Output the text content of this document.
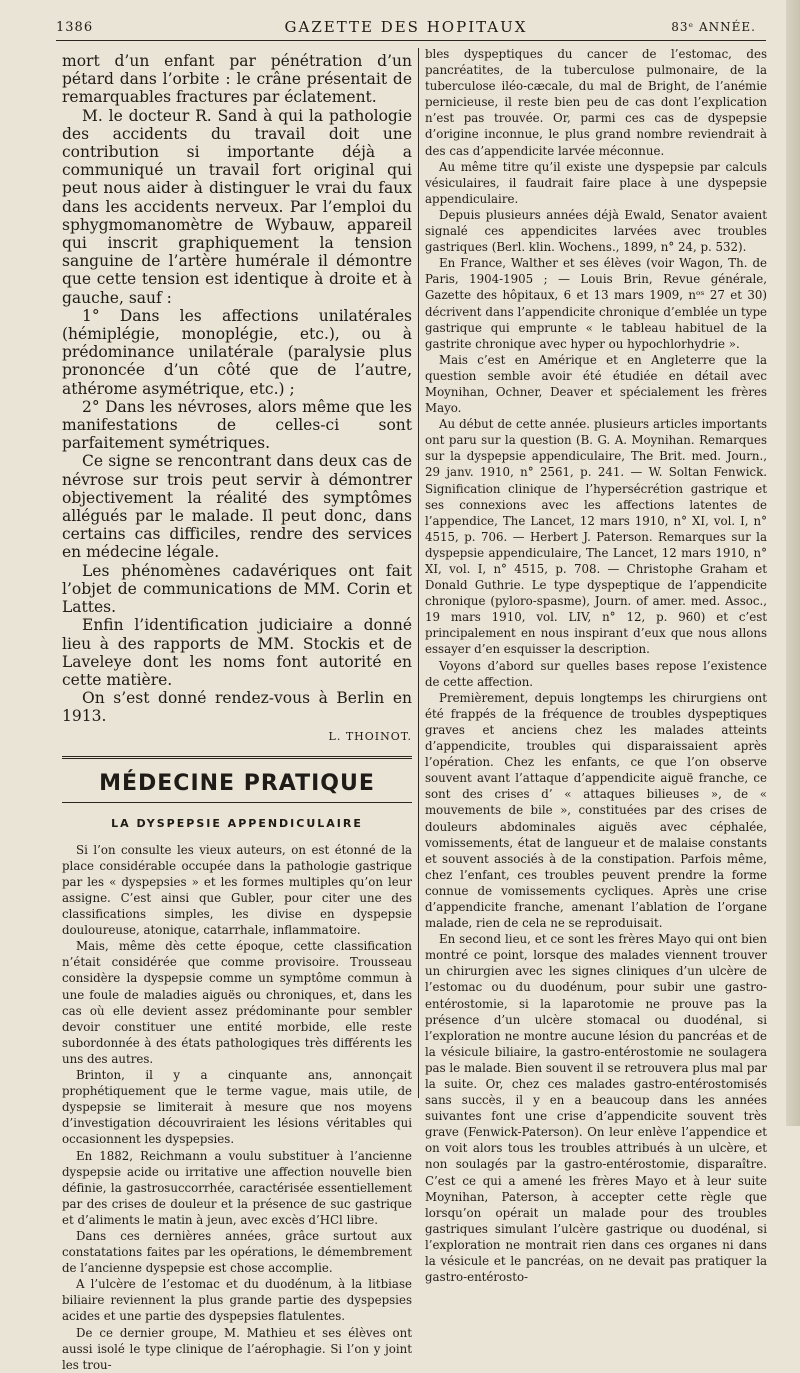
1386	GAZETTE DES HOPITAUX	83ᵉ ANNÉE.

mort d’un enfant par pénétration d’un pétard dans l’orbite : le crâne présentait de remarquables fractures par éclatement.

M. le docteur R. Sand à qui la pathologie des accidents du travail doit une contribution si importante déjà a communiqué un travail fort original qui peut nous aider à distinguer le vrai du faux dans les accidents nerveux. Par l’emploi du sphygmomanomètre de Wybauw, appareil qui inscrit graphiquement la tension sanguine de l’artère humérale il démontre que cette tension est identique à droite et à gauche, sauf :

1° Dans les affections unilatérales (hémiplégie, monoplégie, etc.), ou à prédominance unilatérale (paralysie plus prononcée d’un côté que de l’autre, athérome asymétrique, etc.) ;

2° Dans les névroses, alors même que les manifestations de celles-ci sont parfaitement symétriques.

Ce signe se rencontrant dans deux cas de névrose sur trois peut servir à démontrer objectivement la réalité des symptômes allégués par le malade. Il peut donc, dans certains cas difficiles, rendre des services en médecine légale.

Les phénomènes cadavériques ont fait l’objet de communications de MM. Corin et Lattes.

Enfin l’identification judiciaire a donné lieu à des rapports de MM. Stockis et de Laveleye dont les noms font autorité en cette matière.

On s’est donné rendez-vous à Berlin en 1913.

L. THOINOT.
MÉDECINE PRATIQUE
LA DYSPEPSIE APPENDICULAIRE

Si l’on consulte les vieux auteurs, on est étonné de la place considérable occupée dans la pathologie gastrique par les « dyspepsies » et les formes multiples qu’on leur assigne. C’est ainsi que Gubler, pour citer une des classifications simples, les divise en dyspepsie douloureuse, atonique, catarrhale, inflammatoire.

Mais, même dès cette époque, cette classification n’était considérée que comme provisoire. Trousseau considère la dyspepsie comme un symptôme commun à une foule de maladies aiguës ou chroniques, et, dans les cas où elle devient assez prédominante pour sembler devoir constituer une entité morbide, elle reste subordonnée à des états pathologiques très différents les uns des autres.

Brinton, il y a cinquante ans, annonçait prophétiquement que le terme vague, mais utile, de dyspepsie se limiterait à mesure que nos moyens d’investigation découvriraient les lésions véritables qui occasionnent les dyspepsies.

En 1882, Reichmann a voulu substituer à l’ancienne dyspepsie acide ou irritative une affection nouvelle bien définie, la gastrosuccorrhée, caractérisée essentiellement par des crises de douleur et la présence de suc gastrique et d’aliments le matin à jeun, avec excès d’HCl libre.

Dans ces dernières années, grâce surtout aux constatations faites par les opérations, le démembrement de l’ancienne dyspepsie est chose accomplie.

A l’ulcère de l’estomac et du duodénum, à la litbiase biliaire reviennent la plus grande partie des dyspepsies acides et une partie des dyspepsies flatulentes.

De ce dernier groupe, M. Mathieu et ses élèves ont aussi isolé le type clinique de l’aérophagie. Si l’on y joint les trou-

bles dyspeptiques du cancer de l’estomac, des pancréatites, de la tuberculose pulmonaire, de la tuberculose iléo-cæcale, du mal de Bright, de l’anémie pernicieuse, il reste bien peu de cas dont l’explication n’est pas trouvée. Or, parmi ces cas de dyspepsie d’origine inconnue, le plus grand nombre reviendrait à des cas d’appendicite larvée méconnue.

Au même titre qu’il existe une dyspepsie par calculs vésiculaires, il faudrait faire place à une dyspepsie appendiculaire.

Depuis plusieurs années déjà Ewald, Senator avaient signalé ces appendicites larvées avec troubles gastriques (Berl. klin. Wochens., 1899, n° 24, p. 532).

En France, Walther et ses élèves (voir Wagon, Th. de Paris, 1904-1905 ; — Louis Brin, Revue générale, Gazette des hôpitaux, 6 et 13 mars 1909, nᵒˢ 27 et 30) décrivent dans l’appendicite chronique d’emblée un type gastrique qui emprunte « le tableau habituel de la gastrite chronique avec hyper ou hypochlorhydrie ».

Mais c’est en Amérique et en Angleterre que la question semble avoir été étudiée en détail avec Moynihan, Ochner, Deaver et spécialement les frères Mayo.

Au début de cette année. plusieurs articles importants ont paru sur la question (B. G. A. Moynihan. Remarques sur la dyspepsie appendiculaire, The Brit. med. Journ., 29 janv. 1910, n° 2561, p. 241. — W. Soltan Fenwick. Signification clinique de l’hypersécrétion gastrique et ses connexions avec les affections latentes de l’appendice, The Lancet, 12 mars 1910, n° XI, vol. I, n° 4515, p. 706. — Herbert J. Paterson. Remarques sur la dyspepsie appendiculaire, The Lancet, 12 mars 1910, n° XI, vol. I, n° 4515, p. 708. — Christophe Graham et Donald Guthrie. Le type dyspeptique de l’appendicite chronique (pyloro-spasme), Journ. of amer. med. Assoc., 19 mars 1910, vol. LIV, n° 12, p. 960) et c’est principalement en nous inspirant d’eux que nous allons essayer d’en esquisser la description.

Voyons d’abord sur quelles bases repose l’existence de cette affection.

Premièrement, depuis longtemps les chirurgiens ont été frappés de la fréquence de troubles dyspeptiques graves et anciens chez les malades atteints d’appendicite, troubles qui disparaissaient après l’opération. Chez les enfants, ce que l’on observe souvent avant l’attaque d’appendicite aiguë franche, ce sont des crises d’ « attaques bilieuses », de « mouvements de bile », constituées par des crises de douleurs abdominales aiguës avec céphalée, vomissements, état de langueur et de malaise constants et souvent associés à de la constipation. Parfois même, chez l’enfant, ces troubles peuvent prendre la forme connue de vomissements cycliques. Après une crise d’appendicite franche, amenant l’ablation de l’organe malade, rien de cela ne se reproduisait.

En second lieu, et ce sont les frères Mayo qui ont bien montré ce point, lorsque des malades viennent trouver un chirurgien avec les signes cliniques d’un ulcère de l’estomac ou du duodénum, pour subir une gastro-entérostomie, si la laparotomie ne prouve pas la présence d’un ulcère stomacal ou duodénal, si l’exploration ne montre aucune lésion du pancréas et de la vésicule biliaire, la gastro-entérostomie ne soulagera pas le malade. Bien souvent il se retrouvera plus mal par la suite. Or, chez ces malades gastro-entérostomisés sans succès, il y en a beaucoup dans les années suivantes font une crise d’appendicite souvent très grave (Fenwick-Paterson). On leur enlève l’appendice et on voit alors tous les troubles attribués à un ulcère, et non soulagés par la gastro-entérostomie, disparaître. C’est ce qui a amené les frères Mayo et à leur suite Moynihan, Paterson, à accepter cette règle que lorsqu’on opérait un malade pour des troubles gastriques simulant l’ulcère gastrique ou duodénal, si l’exploration ne montrait rien dans ces organes ni dans la vésicule et le pancréas, on ne devait pas pratiquer la gastro-entérosto-
